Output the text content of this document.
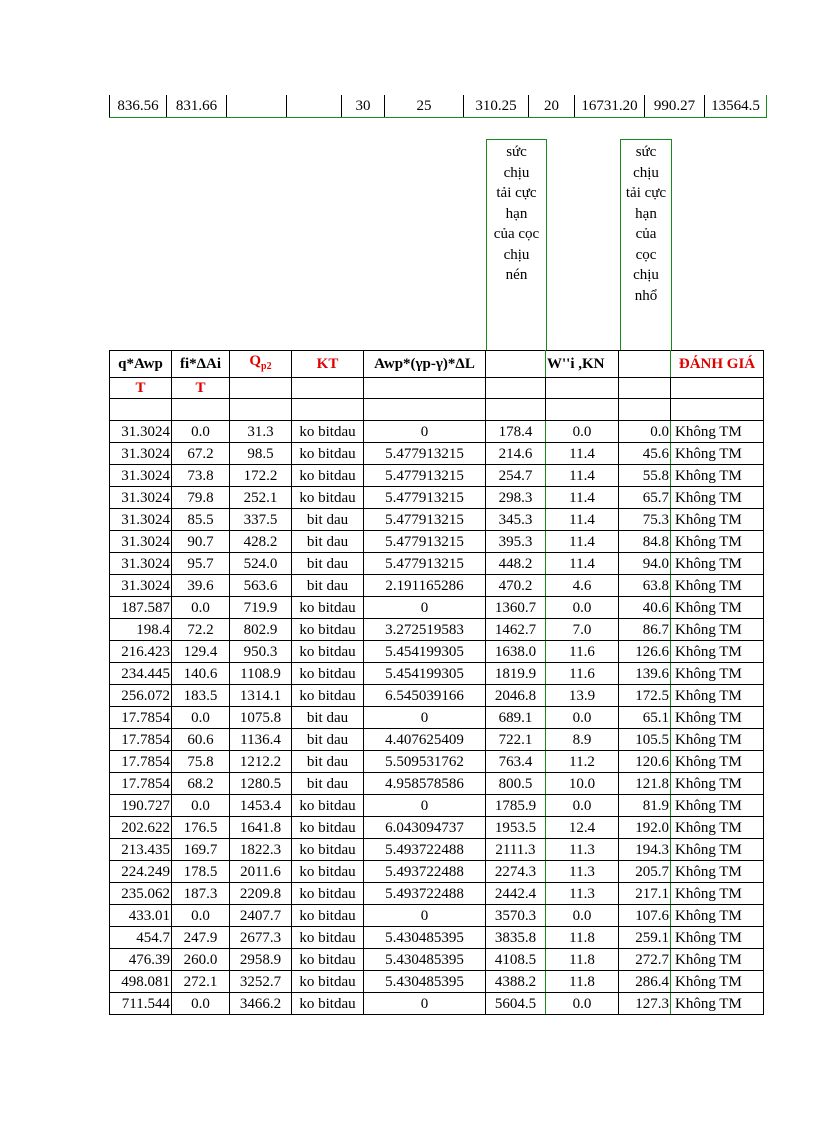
836.56	831.66			30	25	310.25	20	16731.20	990.27	13564.5
sức
chịu
tải cực
hạn
của cọc
chịu
nén
sức
chịu
tải cực
hạn
của
cọc
chịu
nhổ
q*Awp	fi*ΔAi	$Q_{p2}$	KT	Awp*(γp-γ)*ΔL		W''i ,KN		ĐÁNH GIÁ
T	T							

31.3024	0.0	31.3	ko bitdau	0	178.4	0.0	0.0	Không TM
31.3024	67.2	98.5	ko bitdau	5.477913215	214.6	11.4	45.6	Không TM
31.3024	73.8	172.2	ko bitdau	5.477913215	254.7	11.4	55.8	Không TM
31.3024	79.8	252.1	ko bitdau	5.477913215	298.3	11.4	65.7	Không TM
31.3024	85.5	337.5	bit dau	5.477913215	345.3	11.4	75.3	Không TM
31.3024	90.7	428.2	bit dau	5.477913215	395.3	11.4	84.8	Không TM
31.3024	95.7	524.0	bit dau	5.477913215	448.2	11.4	94.0	Không TM
31.3024	39.6	563.6	bit dau	2.191165286	470.2	4.6	63.8	Không TM
187.587	0.0	719.9	ko bitdau	0	1360.7	0.0	40.6	Không TM
198.4	72.2	802.9	ko bitdau	3.272519583	1462.7	7.0	86.7	Không TM
216.423	129.4	950.3	ko bitdau	5.454199305	1638.0	11.6	126.6	Không TM
234.445	140.6	1108.9	ko bitdau	5.454199305	1819.9	11.6	139.6	Không TM
256.072	183.5	1314.1	ko bitdau	6.545039166	2046.8	13.9	172.5	Không TM
17.7854	0.0	1075.8	bit dau	0	689.1	0.0	65.1	Không TM
17.7854	60.6	1136.4	bit dau	4.407625409	722.1	8.9	105.5	Không TM
17.7854	75.8	1212.2	bit dau	5.509531762	763.4	11.2	120.6	Không TM
17.7854	68.2	1280.5	bit dau	4.958578586	800.5	10.0	121.8	Không TM
190.727	0.0	1453.4	ko bitdau	0	1785.9	0.0	81.9	Không TM
202.622	176.5	1641.8	ko bitdau	6.043094737	1953.5	12.4	192.0	Không TM
213.435	169.7	1822.3	ko bitdau	5.493722488	2111.3	11.3	194.3	Không TM
224.249	178.5	2011.6	ko bitdau	5.493722488	2274.3	11.3	205.7	Không TM
235.062	187.3	2209.8	ko bitdau	5.493722488	2442.4	11.3	217.1	Không TM
433.01	0.0	2407.7	ko bitdau	0	3570.3	0.0	107.6	Không TM
454.7	247.9	2677.3	ko bitdau	5.430485395	3835.8	11.8	259.1	Không TM
476.39	260.0	2958.9	ko bitdau	5.430485395	4108.5	11.8	272.7	Không TM
498.081	272.1	3252.7	ko bitdau	5.430485395	4388.2	11.8	286.4	Không TM
711.544	0.0	3466.2	ko bitdau	0	5604.5	0.0	127.3	Không TM
